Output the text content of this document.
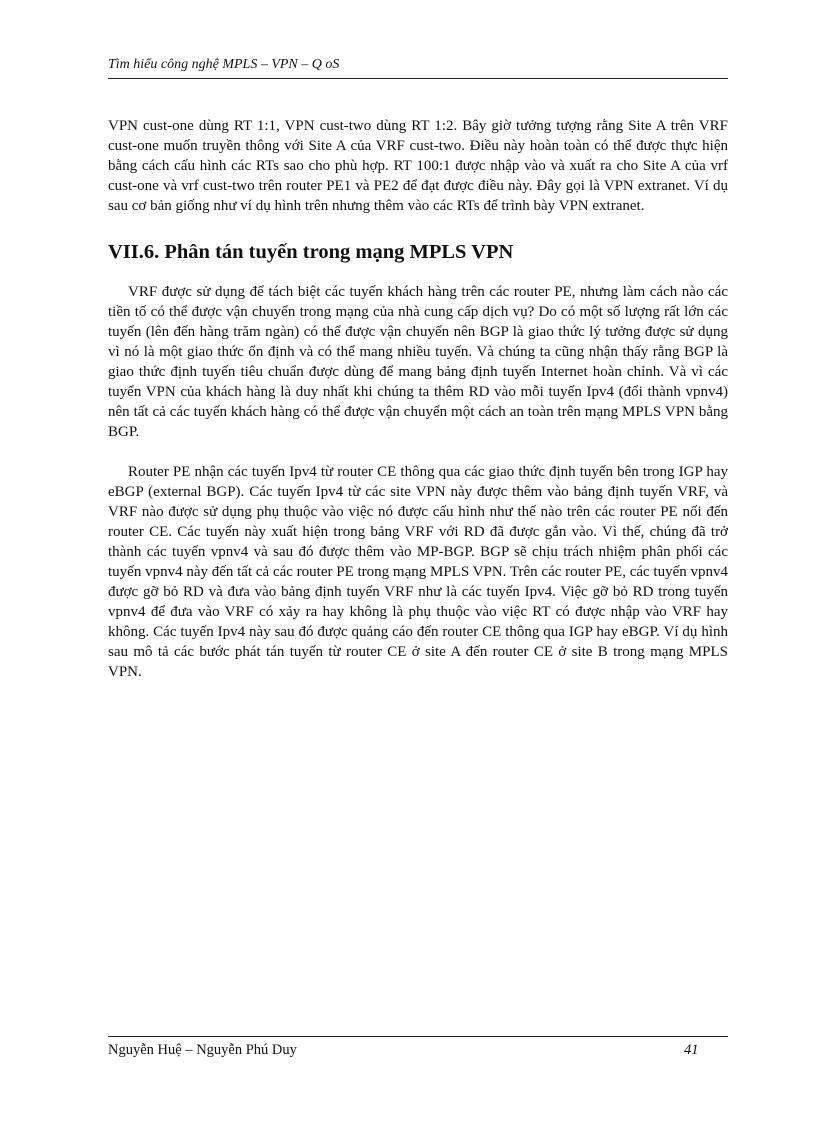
Tìm hiểu công nghệ MPLS – VPN – Q oS

VPN cust-one dùng RT 1:1, VPN cust-two dùng RT 1:2. Bây giờ tưởng tượng rằng Site A trên VRF cust-one muốn truyền thông với Site A của VRF cust-two. Điều này hoàn toàn có thể được thực hiện bằng cách cấu hình các RTs sao cho phù hợp. RT 100:1 được nhập vào và xuất ra cho Site A của vrf cust-one và vrf cust-two trên router PE1 và PE2 để đạt được điều này. Đây gọi là VPN extranet. Ví dụ sau cơ bản giống như ví dụ hình trên nhưng thêm vào các RTs để trình bày VPN extranet.

VII.6. Phân tán tuyến trong mạng MPLS VPN

VRF được sử dụng để tách biệt các tuyến khách hàng trên các router PE, nhưng làm cách nào các tiền tố có thể được vận chuyển trong mạng của nhà cung cấp dịch vụ? Do có một số lượng rất lớn các tuyến (lên đến hàng trăm ngàn) có thể được vận chuyển nên BGP là giao thức lý tưởng được sử dụng vì nó là một giao thức ổn định và có thể mang nhiều tuyến. Và chúng ta cũng nhận thấy rằng BGP là giao thức định tuyến tiêu chuẩn được dùng để mang bảng định tuyến Internet hoàn chỉnh. Và vì các tuyến VPN của khách hàng là duy nhất khi chúng ta thêm RD vào mỗi tuyến Ipv4 (đổi thành vpnv4) nên tất cả các tuyến khách hàng có thể được vận chuyển một cách an toàn trên mạng MPLS VPN bằng BGP.

Router PE nhận các tuyến Ipv4 từ router CE thông qua các giao thức định tuyến bên trong IGP hay eBGP (external BGP). Các tuyến Ipv4 từ các site VPN này được thêm vào bảng định tuyến VRF, và VRF nào được sử dụng phụ thuộc vào việc nó được cấu hình như thế nào trên các router PE nối đến router CE. Các tuyến này xuất hiện trong bảng VRF với RD đã được gắn vào. Vì thế, chúng đã trở thành các tuyến vpnv4 và sau đó được thêm vào MP-BGP. BGP sẽ chịu trách nhiệm phân phối các tuyến vpnv4 này đến tất cả các router PE trong mạng MPLS VPN. Trên các router PE, các tuyến vpnv4 được gỡ bỏ RD và đưa vào bảng định tuyến VRF như là các tuyến Ipv4. Việc gỡ bỏ RD trong tuyến vpnv4 để đưa vào VRF có xảy ra hay không là phụ thuộc vào việc RT có được nhập vào VRF hay không. Các tuyến Ipv4 này sau đó được quảng cáo đến router CE thông qua IGP hay eBGP. Ví dụ hình sau mô tả các bước phát tán tuyến từ router CE ở site A đến router CE ở site B trong mạng MPLS VPN.

Nguyễn Huệ – Nguyễn Phú Duy	41
